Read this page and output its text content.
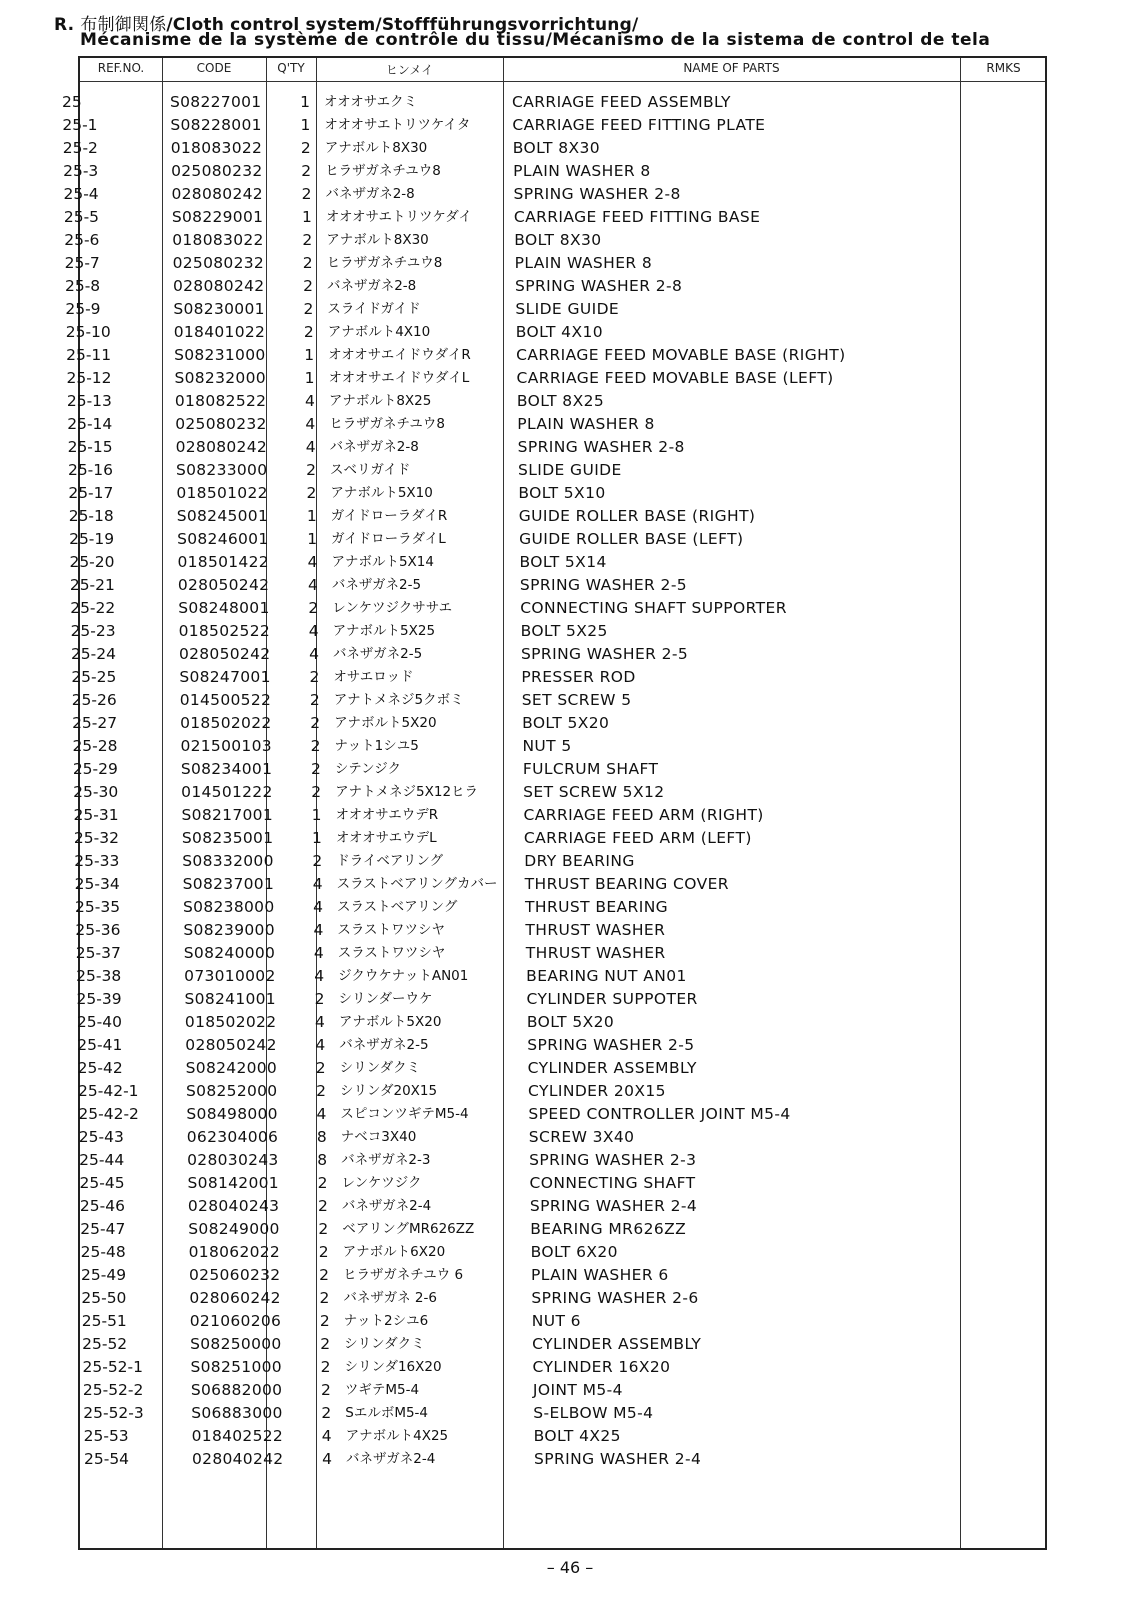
R. 布制御関係/Cloth control system/Stoffführungsvorrichtung/
Mécanisme de la système de contrôle du tissu/Mécanismo de la sistema de control de tela
REF.NO.	CODE	Q'TY	ヒンメイ	NAME OF PARTS	RMKS
25	S08227001	1 オオオサエクミ	CARRIAGE FEED ASSEMBLY
25-1	S08228001	1 オオオサエトリツケイタ	CARRIAGE FEED FITTING PLATE
25-2	018083022	2 アナボルト8X30	BOLT 8X30
25-3	025080232	2 ヒラザガネチユウ8	PLAIN WASHER 8
25-4	028080242	2 バネザガネ2-8	SPRING WASHER 2-8
25-5	S08229001	1 オオオサエトリツケダイ	CARRIAGE FEED FITTING BASE
25-6	018083022	2 アナボルト8X30	BOLT 8X30
25-7	025080232	2 ヒラザガネチユウ8	PLAIN WASHER 8
25-8	028080242	2 バネザガネ2-8	SPRING WASHER 2-8
25-9	S08230001	2 スライドガイド	SLIDE GUIDE
25-10	018401022	2 アナボルト4X10	BOLT 4X10
25-11	S08231000	1 オオオサエイドウダイR	CARRIAGE FEED MOVABLE BASE (RIGHT)
25-12	S08232000	1 オオオサエイドウダイL	CARRIAGE FEED MOVABLE BASE (LEFT)
25-13	018082522	4 アナボルト8X25	BOLT 8X25
25-14	025080232	4 ヒラザガネチユウ8	PLAIN WASHER 8
25-15	028080242	4 バネザガネ2-8	SPRING WASHER 2-8
25-16	S08233000	2 スベリガイド	SLIDE GUIDE
25-17	018501022	2 アナボルト5X10	BOLT 5X10
25-18	S08245001	1 ガイドローラダイR	GUIDE ROLLER BASE (RIGHT)
25-19	S08246001	1 ガイドローラダイL	GUIDE ROLLER BASE (LEFT)
25-20	018501422	4 アナボルト5X14	BOLT 5X14
25-21	028050242	4 バネザガネ2-5	SPRING WASHER 2-5
25-22	S08248001	2 レンケツジクササエ	CONNECTING SHAFT SUPPORTER
25-23	018502522	4 アナボルト5X25	BOLT 5X25
25-24	028050242	4 バネザガネ2-5	SPRING WASHER 2-5
25-25	S08247001	2 オサエロッド	PRESSER ROD
25-26	014500522	2 アナトメネジ5クボミ	SET SCREW 5
25-27	018502022	2 アナボルト5X20	BOLT 5X20
25-28	021500103	2 ナット1シユ5	NUT 5
25-29	S08234001	2 シテンジク	FULCRUM SHAFT
25-30	014501222	2 アナトメネジ5X12ヒラ	SET SCREW 5X12
25-31	S08217001	1 オオオサエウデR	CARRIAGE FEED ARM (RIGHT)
25-32	S08235001	1 オオオサエウデL	CARRIAGE FEED ARM (LEFT)
25-33	S08332000	2 ドライベアリング	DRY BEARING
25-34	S08237001	4 スラストベアリングカバー	THRUST BEARING COVER
25-35	S08238000	4 スラストベアリング	THRUST BEARING
25-36	S08239000	4 スラストワツシヤ	THRUST WASHER
25-37	S08240000	4 スラストワツシヤ	THRUST WASHER
25-38	073010002	4 ジクウケナットAN01	BEARING NUT AN01
25-39	S08241001	2 シリンダーウケ	CYLINDER SUPPOTER
25-40	018502022	4 アナボルト5X20	BOLT 5X20
25-41	028050242	4 バネザガネ2-5	SPRING WASHER 2-5
25-42	S08242000	2 シリンダクミ	CYLINDER ASSEMBLY
25-42-1	S08252000	2 シリンダ20X15	CYLINDER 20X15
25-42-2	S08498000	4 スピコンツギテM5-4	SPEED CONTROLLER JOINT M5-4
25-43	062304006	8 ナベコ3X40	SCREW 3X40
25-44	028030243	8 バネザガネ2-3	SPRING WASHER 2-3
25-45	S08142001	2 レンケツジク	CONNECTING SHAFT
25-46	028040243	2 バネザガネ2-4	SPRING WASHER 2-4
25-47	S08249000	2 ベアリングMR626ZZ	BEARING MR626ZZ
25-48	018062022	2 アナボルト6X20	BOLT 6X20
25-49	025060232	2 ヒラザガネチユウ 6	PLAIN WASHER 6
25-50	028060242	2 バネザガネ 2-6	SPRING WASHER 2-6
25-51	021060206	2 ナット2シユ6	NUT 6
25-52	S08250000	2 シリンダクミ	CYLINDER ASSEMBLY
25-52-1	S08251000	2 シリンダ16X20	CYLINDER 16X20
25-52-2	S06882000	2 ツギテM5-4	JOINT M5-4
25-52-3	S06883000	2 SエルボM5-4	S-ELBOW M5-4
25-53	018402522	4 アナボルト4X25	BOLT 4X25
25-54	028040242	4 バネザガネ2-4	SPRING WASHER 2-4
– 46 –
